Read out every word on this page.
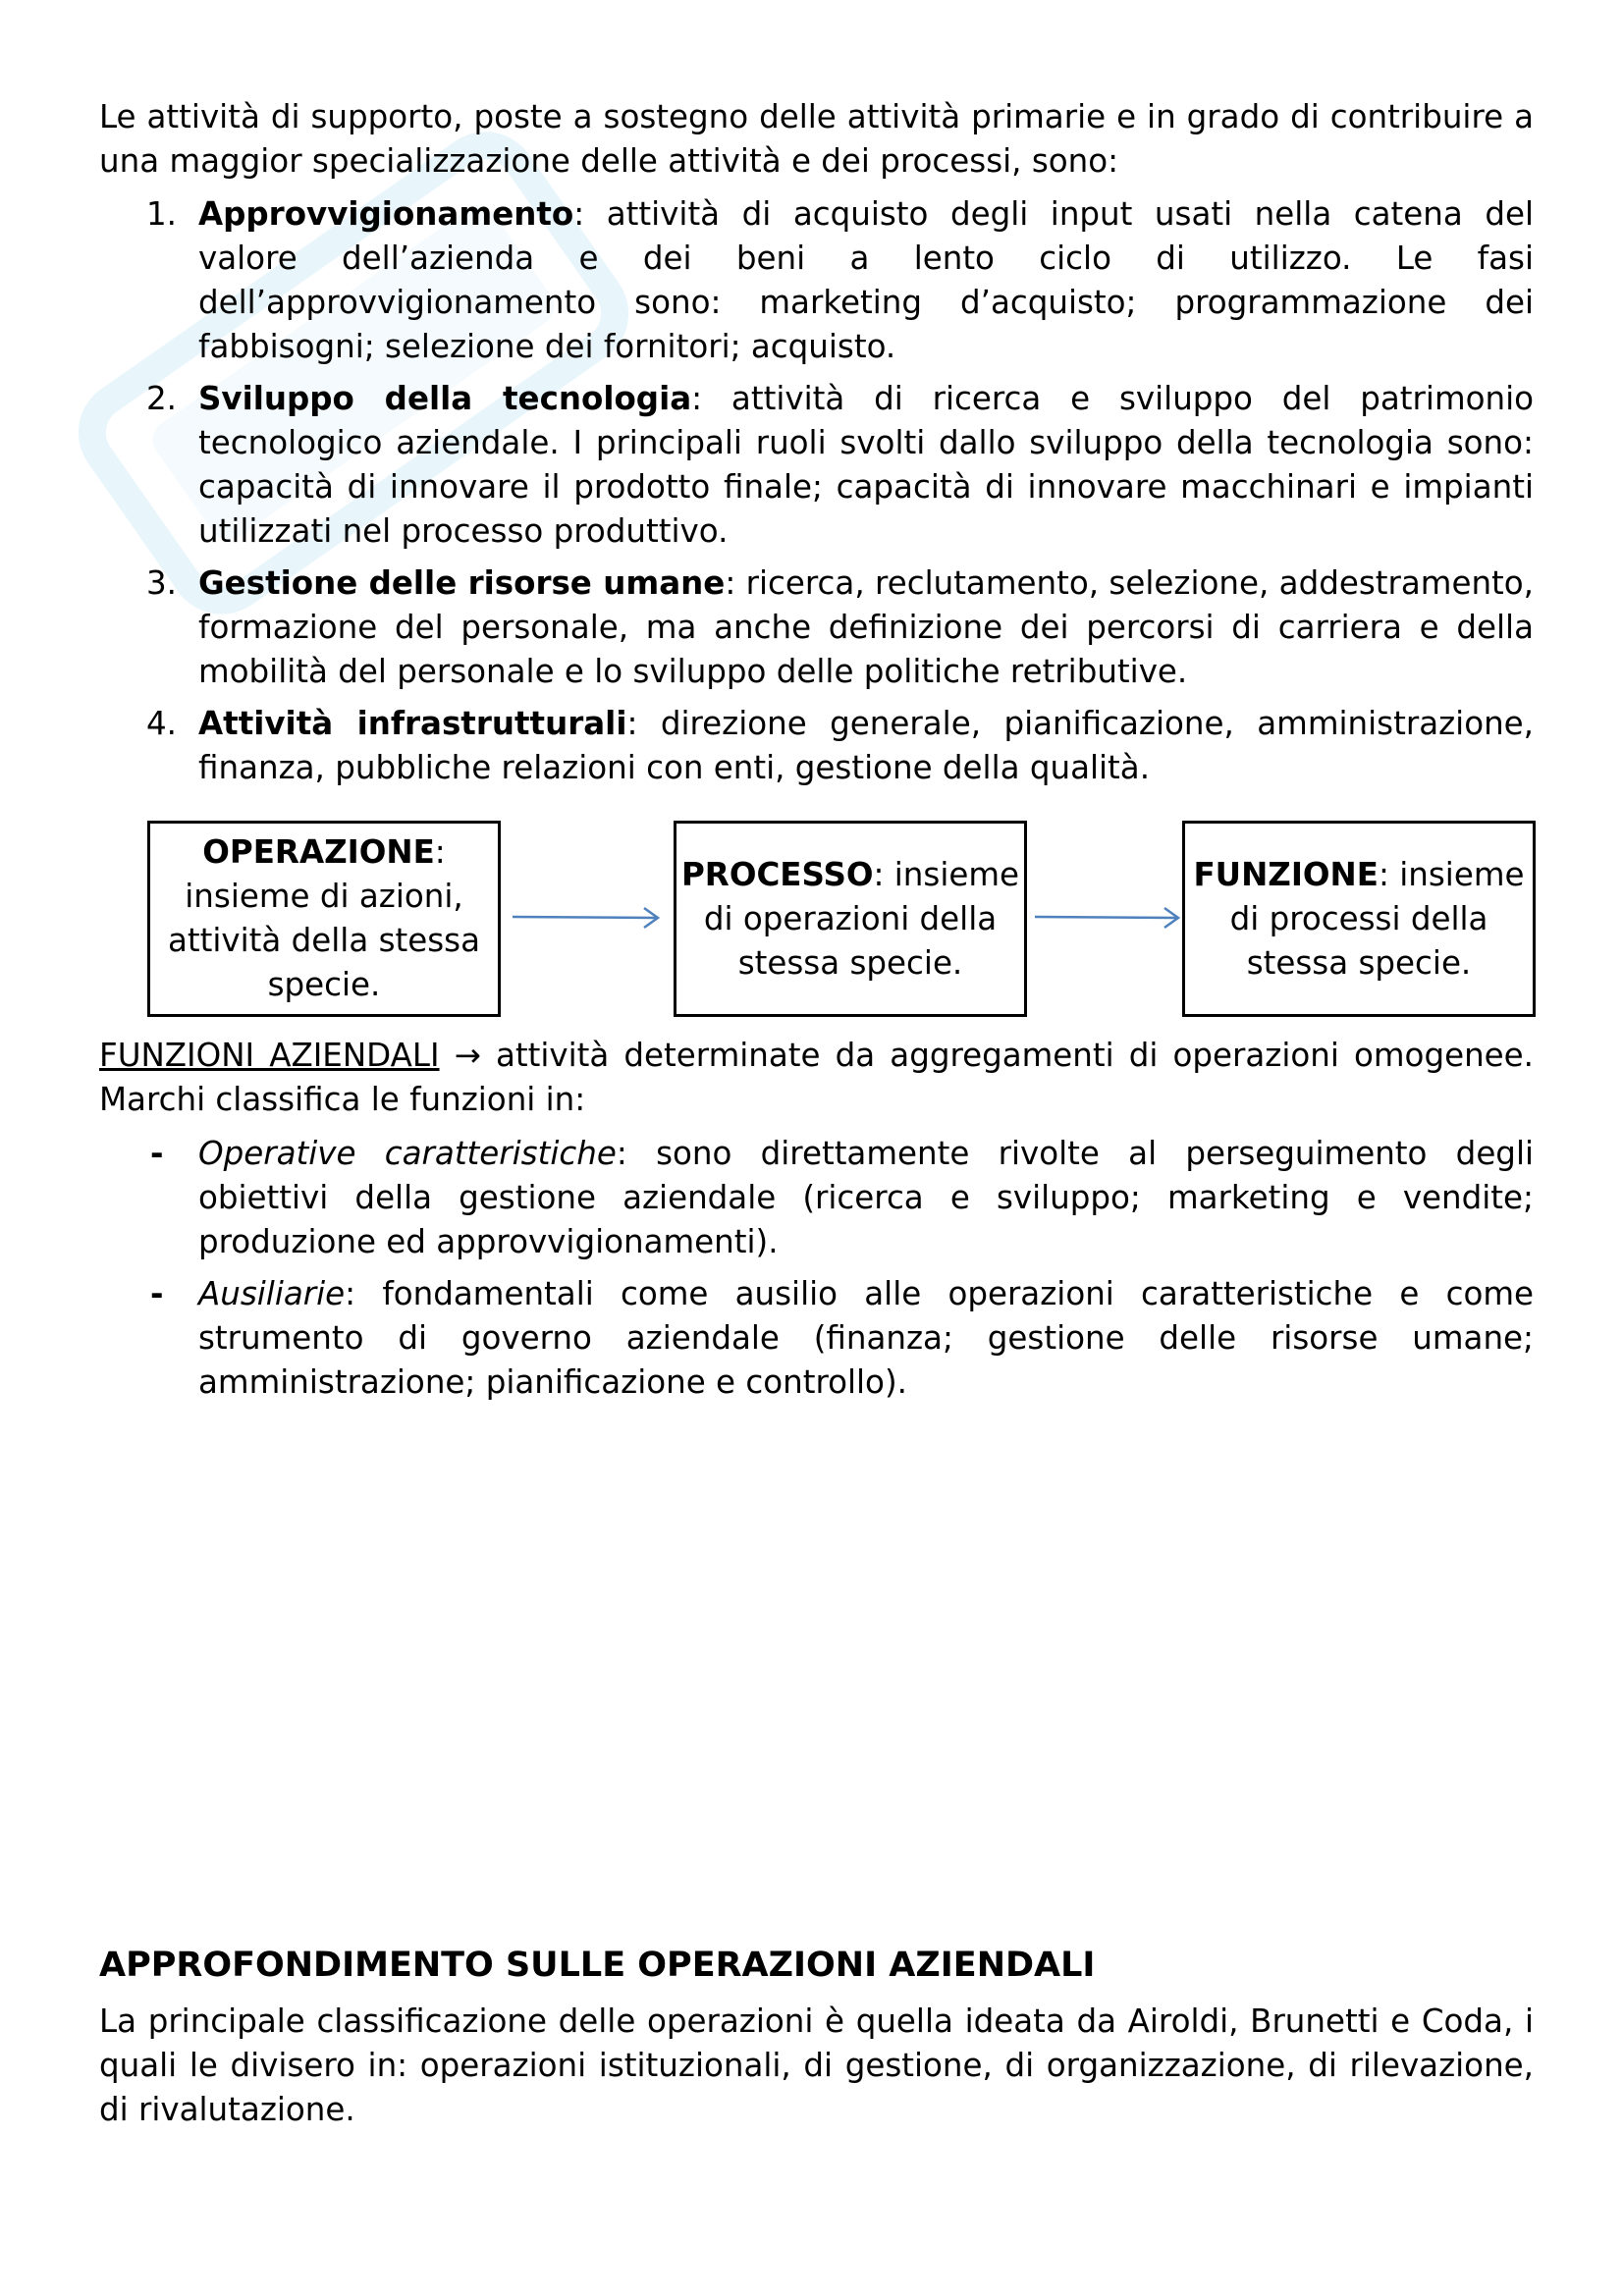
Le attività di supporto, poste a sostegno delle attività primarie e in grado di contribuire a una maggior specializzazione delle attività e dei processi, sono:

1. Approvvigionamento: attività di acquisto degli input usati nella catena del valore dell’azienda e dei beni a lento ciclo di utilizzo. Le fasi dell’approvvigionamento sono: marketing d’acquisto; programmazione dei fabbisogni; selezione dei fornitori; acquisto.
2. Sviluppo della tecnologia: attività di ricerca e sviluppo del patrimonio tecnologico aziendale. I principali ruoli svolti dallo sviluppo della tecnologia sono: capacità di innovare il prodotto finale; capacità di innovare macchinari e impianti utilizzati nel processo produttivo.
3. Gestione delle risorse umane: ricerca, reclutamento, selezione, addestramento, formazione del personale, ma anche definizione dei percorsi di carriera e della mobilità del personale e lo sviluppo delle politiche retributive.
4. Attività infrastrutturali: direzione generale, pianificazione, amministrazione, finanza, pubbliche relazioni con enti, gestione della qualità.
OPERAZIONE: insieme di azioni, attività della stessa specie.
PROCESSO: insieme di operazioni della stessa specie.
FUNZIONE: insieme di processi della stessa specie.

FUNZIONI AZIENDALI → attività determinate da aggregamenti di operazioni omogenee. Marchi classifica le funzioni in:

- Operative caratteristiche: sono direttamente rivolte al perseguimento degli obiettivi della gestione aziendale (ricerca e sviluppo; marketing e vendite; produzione ed approvvigionamenti).
- Ausiliarie: fondamentali come ausilio alle operazioni caratteristiche e come strumento di governo aziendale (finanza; gestione delle risorse umane; amministrazione; pianificazione e controllo).
APPROFONDIMENTO SULLE OPERAZIONI AZIENDALI

La principale classificazione delle operazioni è quella ideata da Airoldi, Brunetti e Coda, i quali le divisero in: operazioni istituzionali, di gestione, di organizzazione, di rilevazione, di rivalutazione.
